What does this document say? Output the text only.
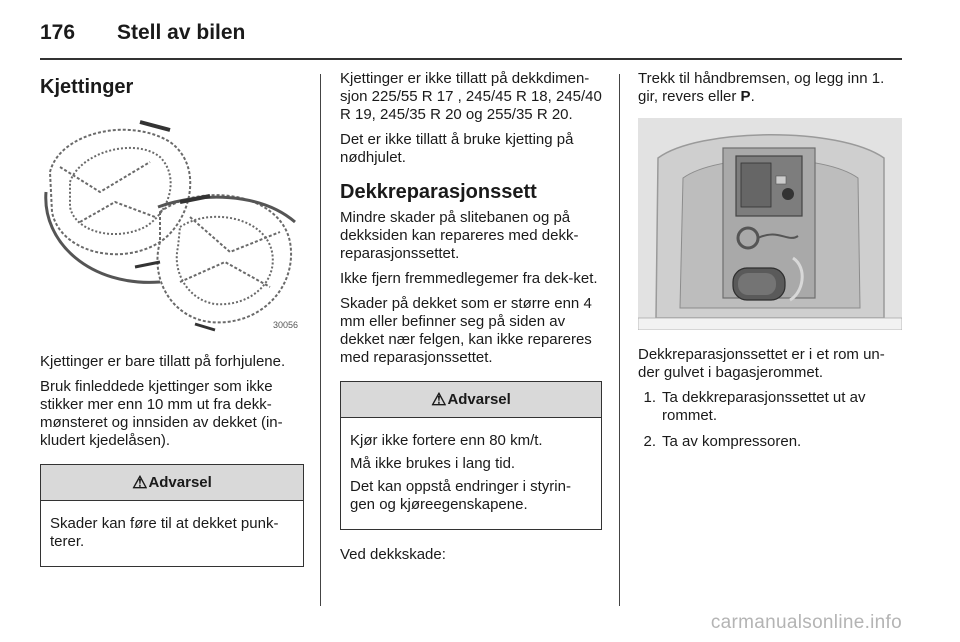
176	Stell av bilen
Kjettinger
30056

Kjettinger er bare tillatt på forhjulene.

Bruk finleddede kjettinger som ikke stikker mer enn 10 mm ut fra dekk-mønsteret og innsiden av dekket (in-kludert kjedelåsen).

⚠ Advarsel

Skader kan føre til at dekket punk-terer.

Kjettinger er ikke tillatt på dekkdimen-sjon 225/55 R 17 , 245/45 R 18, 245/40 R 19, 245/35 R 20 og 255/35 R 20.

Det er ikke tillatt å bruke kjetting på nødhjulet.

Dekkreparasjonssett

Mindre skader på slitebanen og på dekksiden kan repareres med dekk-reparasjonssettet.

Ikke fjern fremmedlegemer fra dek-ket.

Skader på dekket som er større enn 4 mm eller befinner seg på siden av dekket nær felgen, kan ikke repareres med reparasjonssettet.

⚠ Advarsel

Kjør ikke fortere enn 80 km/t.

Må ikke brukes i lang tid.

Det kan oppstå endringer i styrin-gen og kjøreegenskapene.

Ved dekkskade:

Trekk til håndbremsen, og legg inn 1. gir, revers eller P.

Dekkreparasjonssettet er i et rom un-der gulvet i bagasjerommet.

1. Ta dekkreparasjonssettet ut av rommet.
2. Ta av kompressoren.
carmanualsonline.info
